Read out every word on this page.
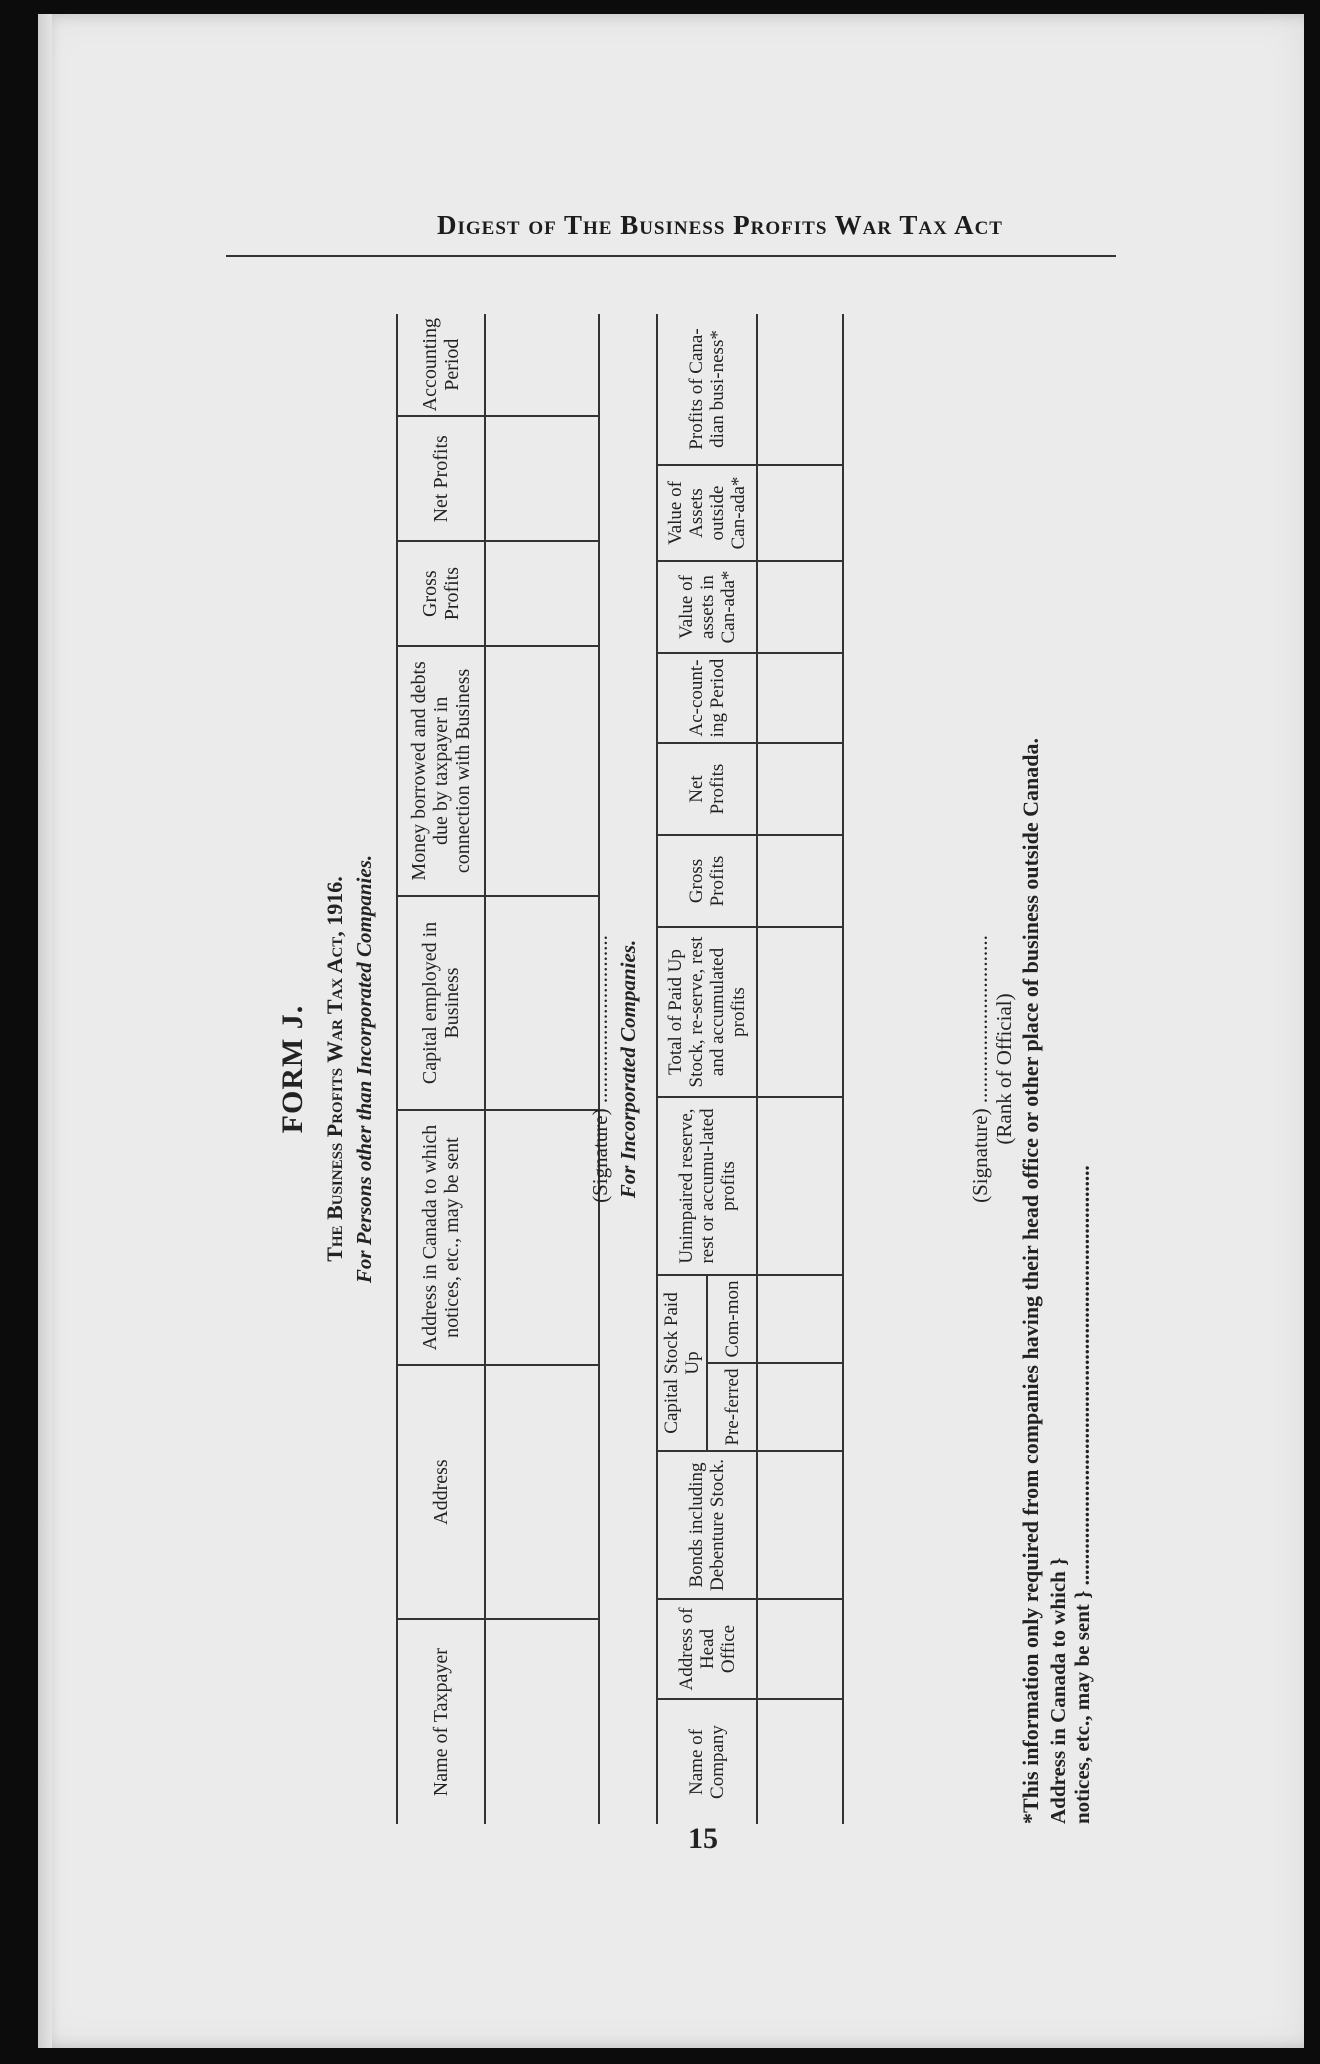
Digest of The Business Profits War Tax Act
FORM J. The Business Profits War Tax Act, 1916. For Persons other than Incorporated Companies.
Name of Taxpayer	Address	Address in Canada to which notices, etc., may be sent	Capital employed in Business	Money borrowed and debts due by taxpayer in connection with Business	Gross Profits	Net Profits	Accounting Period

(Signature) ................................ For Incorporated Companies.
Name of Company	Address of Head Office	Bonds including Debenture Stock.	Capital Stock Paid Up		Unimpaired reserve, rest or accumu-lated profits	Total of Paid Up Stock, re-serve, rest and accumulated profits	Gross Profits	Net Profits	Ac-count-ing Period	Value of assets in Can-ada*	Value of Assets outside Can-ada*	Profits of Cana-dian busi-ness*
			Pre-ferred	Com-mon								

(Signature) ................................ (Rank of Official) *This information only required from companies having their head office or other place of business outside Canada. Address in Canada to which } notices, etc., may be sent } ................................................................................
15
